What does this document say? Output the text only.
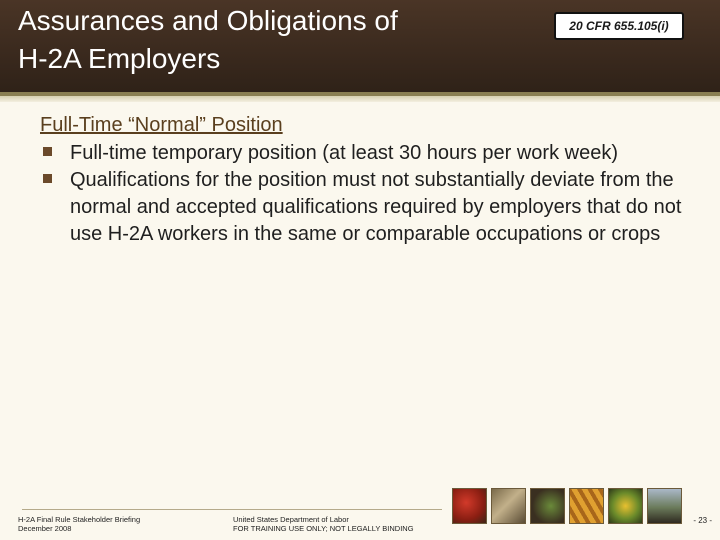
Assurances and Obligations of
H-2A Employers
20 CFR 655.105(i)
Full-Time “Normal” Position
Full-time temporary position (at least 30 hours per work week)
Qualifications for the position must not substantially deviate from the normal and accepted qualifications required by employers that do not use H-2A workers in the same or comparable occupations or crops
H-2A Final Rule Stakeholder Briefing
December 2008
United States Department of Labor
FOR TRAINING USE ONLY; NOT LEGALLY BINDING
- 23 -
